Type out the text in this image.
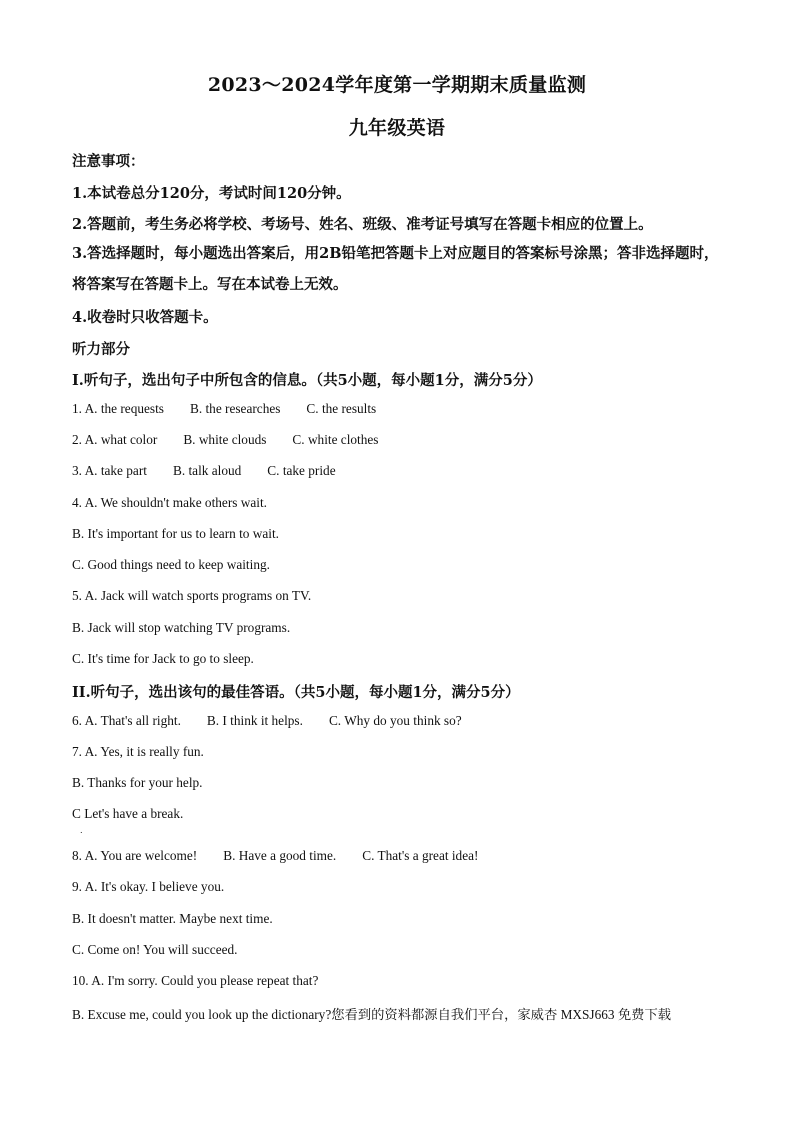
2023～2024学年度第一学期期末质量监测
九年级英语
注意事项：
1.本试卷总分120分，考试时间120分钟。
2.答题前，考生务必将学校、考场号、姓名、班级、准考证号填写在答题卡相应的位置上。
3.答选择题时，每小题选出答案后，用2B铅笔把答题卡上对应题目的答案标号涂黑；答非选择题时，将答案写在答题卡上。写在本试卷上无效。
4.收卷时只收答题卡。
听力部分
I.听句子，选出句子中所包含的信息。（共5小题，每小题1分，满分5分）
1. A. the requests B. the researches C. the results
2. A. what color B. white clouds C. white clothes
3. A. take part B. talk aloud C. take pride
4. A. We shouldn't make others wait.
B. It's important for us to learn to wait.
C. Good things need to keep waiting.
5. A. Jack will watch sports programs on TV.
B. Jack will stop watching TV programs.
C. It's time for Jack to go to sleep.
II.听句子，选出该句的最佳答语。（共5小题，每小题1分，满分5分）
6. A. That's all right. B. I think it helps. C. Why do you think so?
7. A. Yes, it is really fun.
B. Thanks for your help.
C Let's have a break.
.
8. A. You are welcome! B. Have a good time. C. That's a great idea!
9. A. It's okay. I believe you.
B. It doesn't matter. Maybe next time.
C. Come on! You will succeed.
10. A. I'm sorry. Could you please repeat that?
B. Excuse me, could you look up the dictionary?您看到的资料都源自我们平台，家威杏 MXSJ663 免费下载
